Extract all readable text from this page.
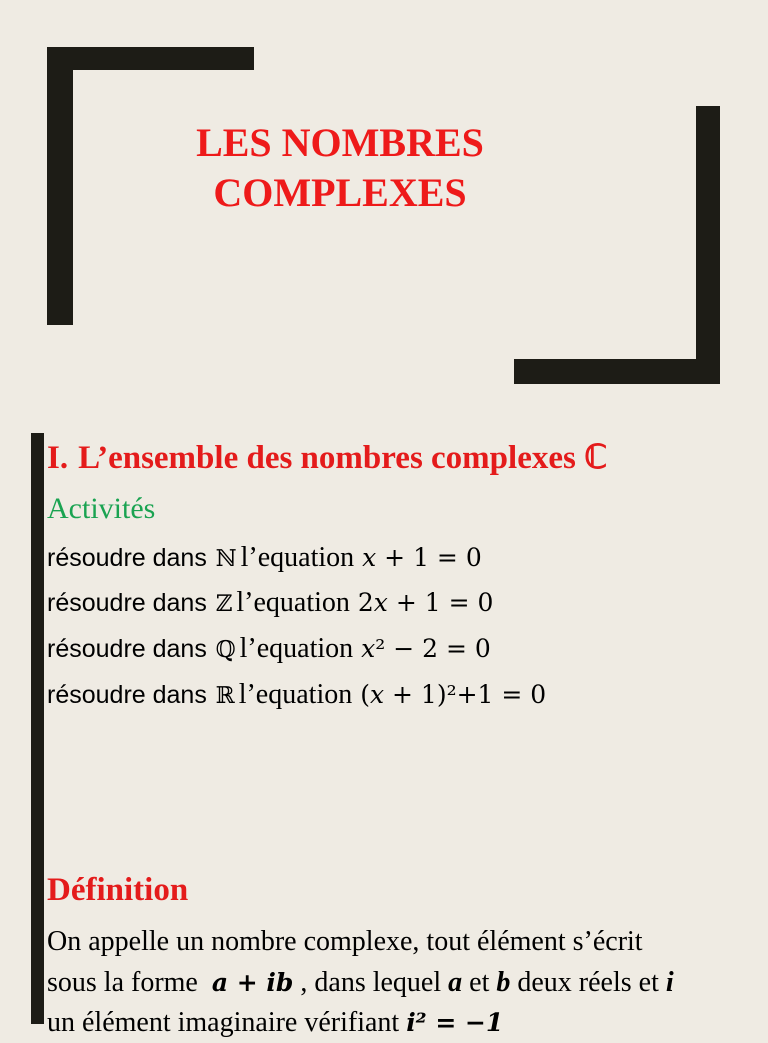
LES NOMBRES
COMPLEXES
I. L’ensemble des nombres complexes ℂ
Activités
résoudre dans ℕ l’equation 𝑥 + 1 = 0
résoudre dans ℤ l’equation 2𝑥 + 1 = 0
résoudre dans ℚ l’equation 𝑥² − 2 = 0
résoudre dans ℝ l’equation (𝑥 + 1)²+1 = 0
Définition
On appelle un nombre complexe, tout élément s’écrit
sous la forme 𝒂 + 𝒊𝒃 , dans lequel a et b deux réels et i
un élément imaginaire vérifiant 𝒊² = −1
